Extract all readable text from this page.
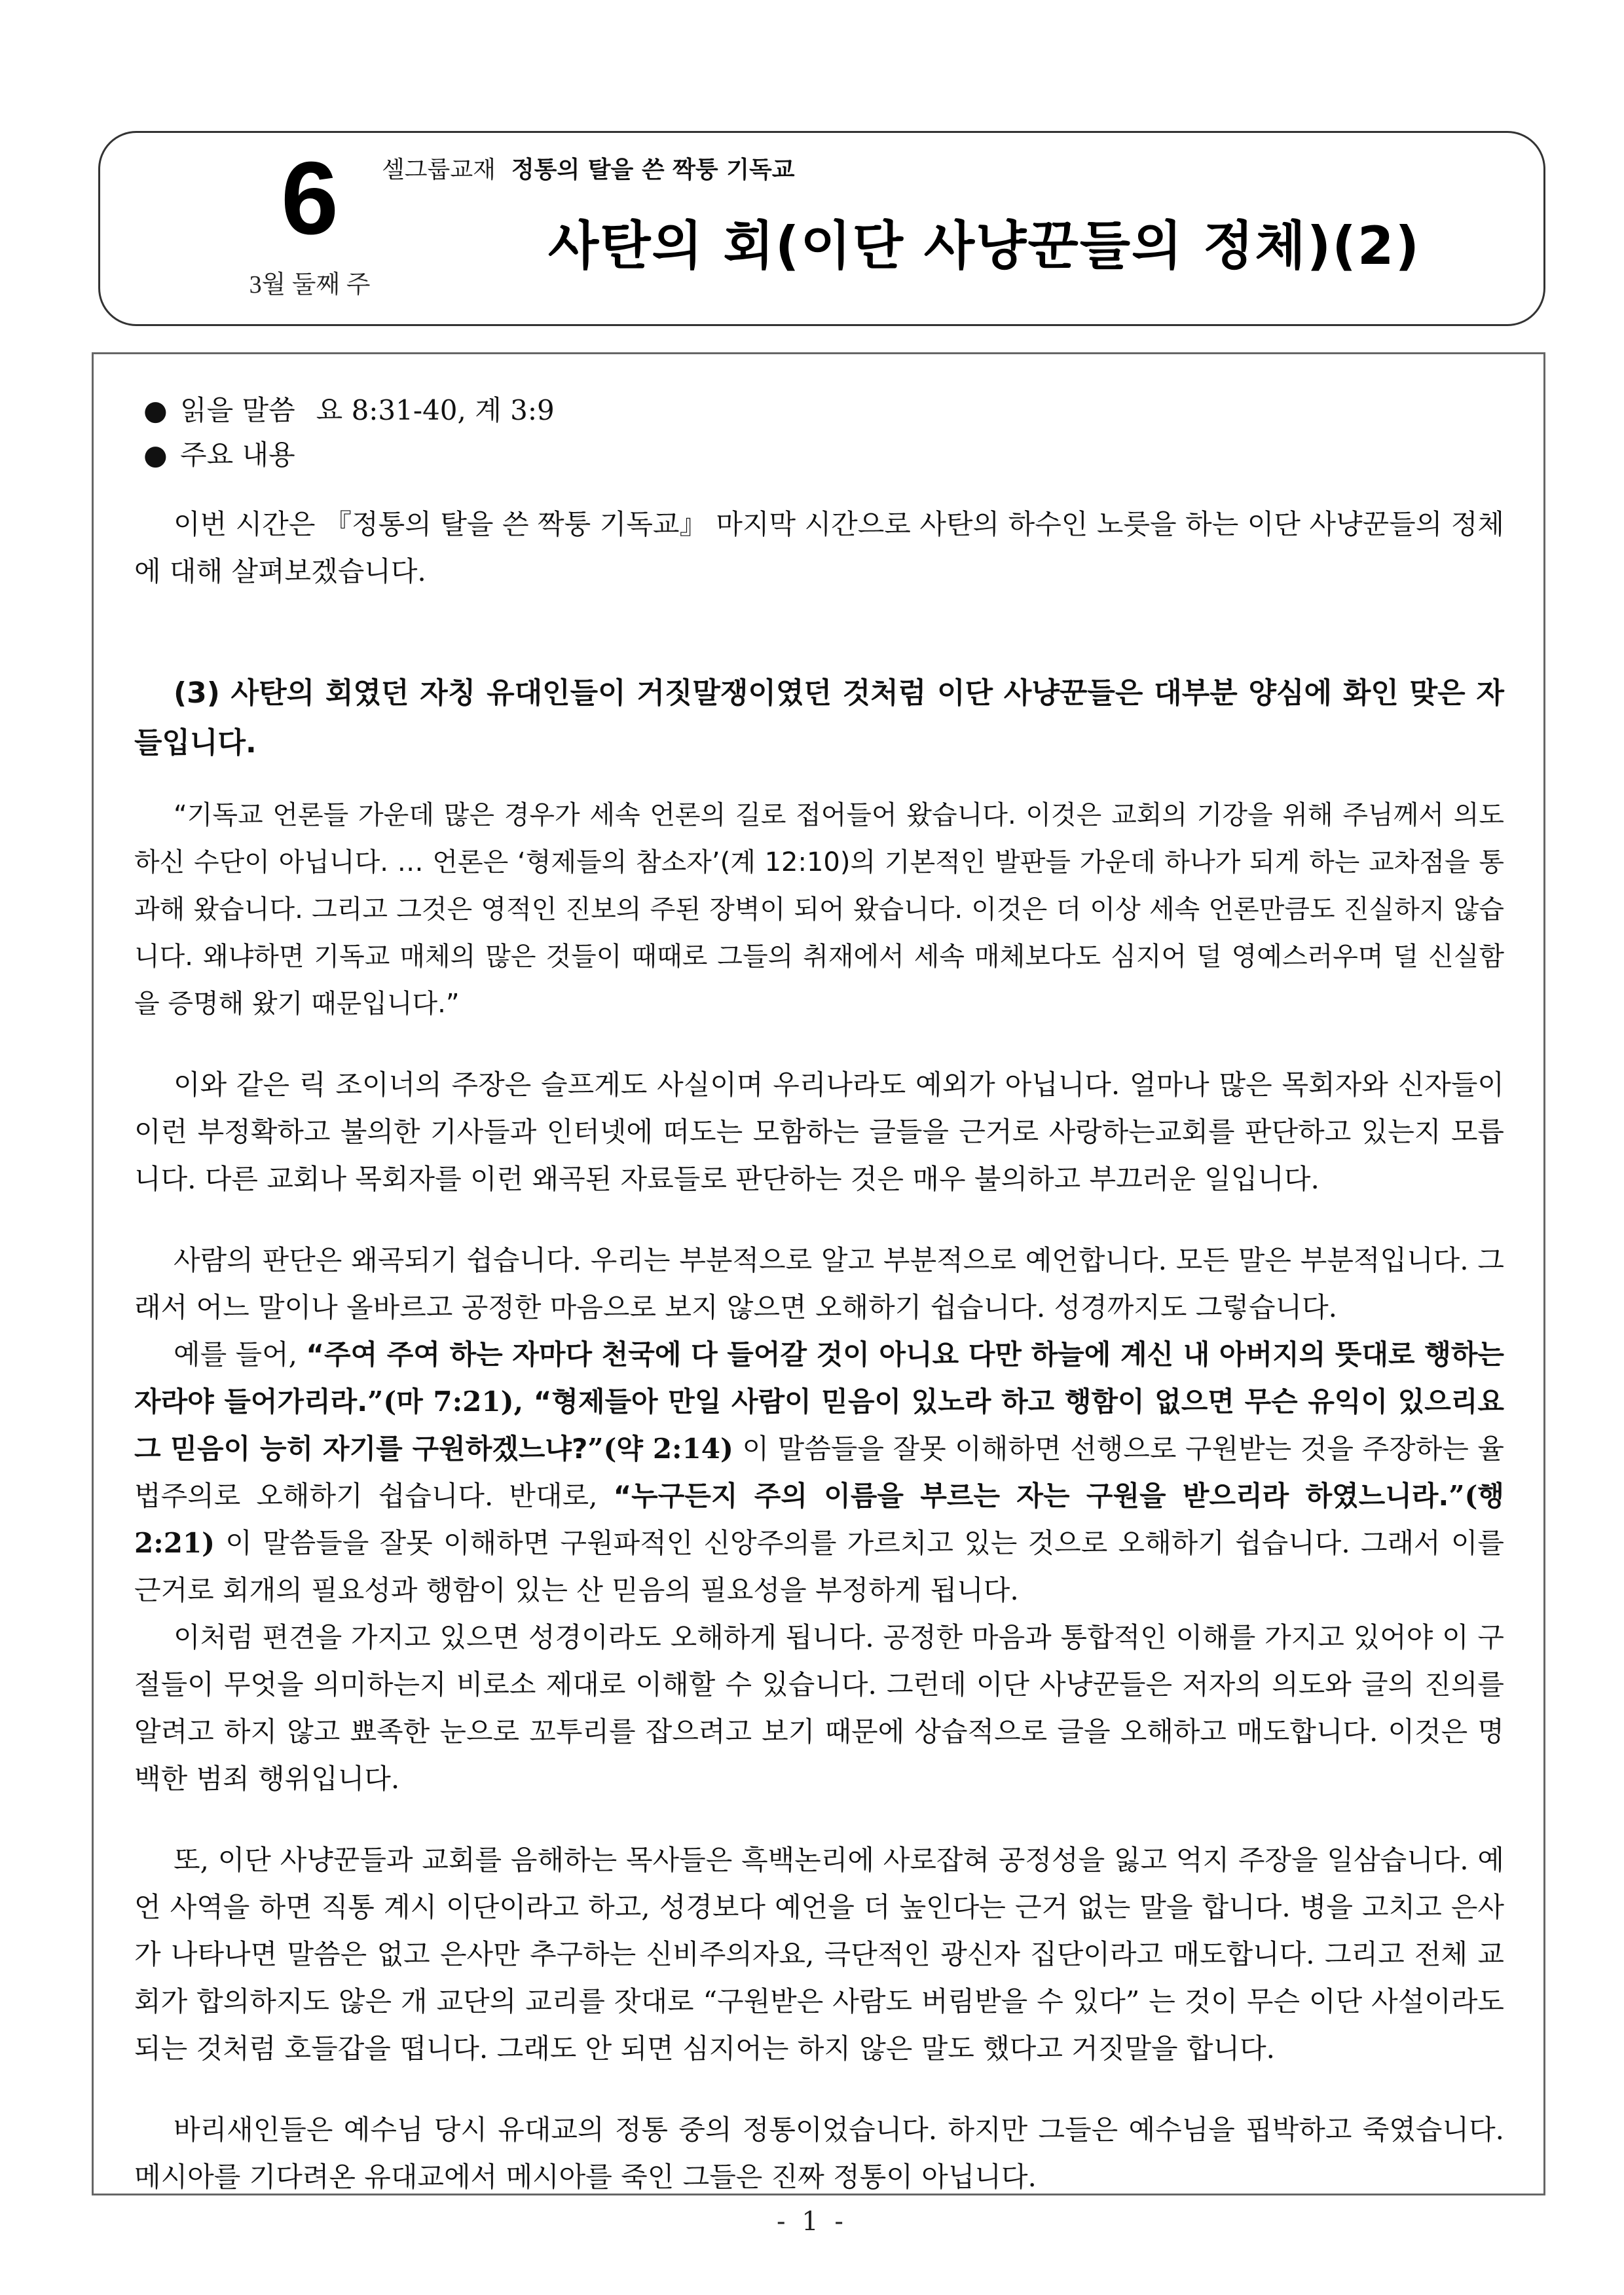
6
3월 둘째 주
셀그룹교재 정통의 탈을 쓴 짝퉁 기독교
사탄의 회(이단 사냥꾼들의 정체)(2)
● 읽을 말씀 요 8:31-40, 계 3:9
● 주요 내용

이번 시간은 『정통의 탈을 쓴 짝퉁 기독교』 마지막 시간으로 사탄의 하수인 노릇을 하는 이단 사냥꾼들의 정체에 대해 살펴보겠습니다.

(3) 사탄의 회였던 자칭 유대인들이 거짓말쟁이였던 것처럼 이단 사냥꾼들은 대부분 양심에 화인 맞은 자들입니다.

“기독교 언론들 가운데 많은 경우가 세속 언론의 길로 접어들어 왔습니다. 이것은 교회의 기강을 위해 주님께서 의도하신 수단이 아닙니다. … 언론은 ‘형제들의 참소자’(계 12:10)의 기본적인 발판들 가운데 하나가 되게 하는 교차점을 통과해 왔습니다. 그리고 그것은 영적인 진보의 주된 장벽이 되어 왔습니다. 이것은 더 이상 세속 언론만큼도 진실하지 않습니다. 왜냐하면 기독교 매체의 많은 것들이 때때로 그들의 취재에서 세속 매체보다도 심지어 덜 영예스러우며 덜 신실함을 증명해 왔기 때문입니다.”

이와 같은 릭 조이너의 주장은 슬프게도 사실이며 우리나라도 예외가 아닙니다. 얼마나 많은 목회자와 신자들이 이런 부정확하고 불의한 기사들과 인터넷에 떠도는 모함하는 글들을 근거로 사랑하는교회를 판단하고 있는지 모릅니다. 다른 교회나 목회자를 이런 왜곡된 자료들로 판단하는 것은 매우 불의하고 부끄러운 일입니다.

사람의 판단은 왜곡되기 쉽습니다. 우리는 부분적으로 알고 부분적으로 예언합니다. 모든 말은 부분적입니다. 그래서 어느 말이나 올바르고 공정한 마음으로 보지 않으면 오해하기 쉽습니다. 성경까지도 그렇습니다.

예를 들어, “주여 주여 하는 자마다 천국에 다 들어갈 것이 아니요 다만 하늘에 계신 내 아버지의 뜻대로 행하는 자라야 들어가리라.”(마 7:21), “형제들아 만일 사람이 믿음이 있노라 하고 행함이 없으면 무슨 유익이 있으리요 그 믿음이 능히 자기를 구원하겠느냐?”(약 2:14) 이 말씀들을 잘못 이해하면 선행으로 구원받는 것을 주장하는 율법주의로 오해하기 쉽습니다. 반대로, “누구든지 주의 이름을 부르는 자는 구원을 받으리라 하였느니라.”(행 2:21) 이 말씀들을 잘못 이해하면 구원파적인 신앙주의를 가르치고 있는 것으로 오해하기 쉽습니다. 그래서 이를 근거로 회개의 필요성과 행함이 있는 산 믿음의 필요성을 부정하게 됩니다.

이처럼 편견을 가지고 있으면 성경이라도 오해하게 됩니다. 공정한 마음과 통합적인 이해를 가지고 있어야 이 구절들이 무엇을 의미하는지 비로소 제대로 이해할 수 있습니다. 그런데 이단 사냥꾼들은 저자의 의도와 글의 진의를 알려고 하지 않고 뾰족한 눈으로 꼬투리를 잡으려고 보기 때문에 상습적으로 글을 오해하고 매도합니다. 이것은 명백한 범죄 행위입니다.

또, 이단 사냥꾼들과 교회를 음해하는 목사들은 흑백논리에 사로잡혀 공정성을 잃고 억지 주장을 일삼습니다. 예언 사역을 하면 직통 계시 이단이라고 하고, 성경보다 예언을 더 높인다는 근거 없는 말을 합니다. 병을 고치고 은사가 나타나면 말씀은 없고 은사만 추구하는 신비주의자요, 극단적인 광신자 집단이라고 매도합니다. 그리고 전체 교회가 합의하지도 않은 개 교단의 교리를 잣대로 “구원받은 사람도 버림받을 수 있다” 는 것이 무슨 이단 사설이라도 되는 것처럼 호들갑을 떱니다. 그래도 안 되면 심지어는 하지 않은 말도 했다고 거짓말을 합니다.

바리새인들은 예수님 당시 유대교의 정통 중의 정통이었습니다. 하지만 그들은 예수님을 핍박하고 죽였습니다. 메시아를 기다려온 유대교에서 메시아를 죽인 그들은 진짜 정통이 아닙니다.

- 1 -
